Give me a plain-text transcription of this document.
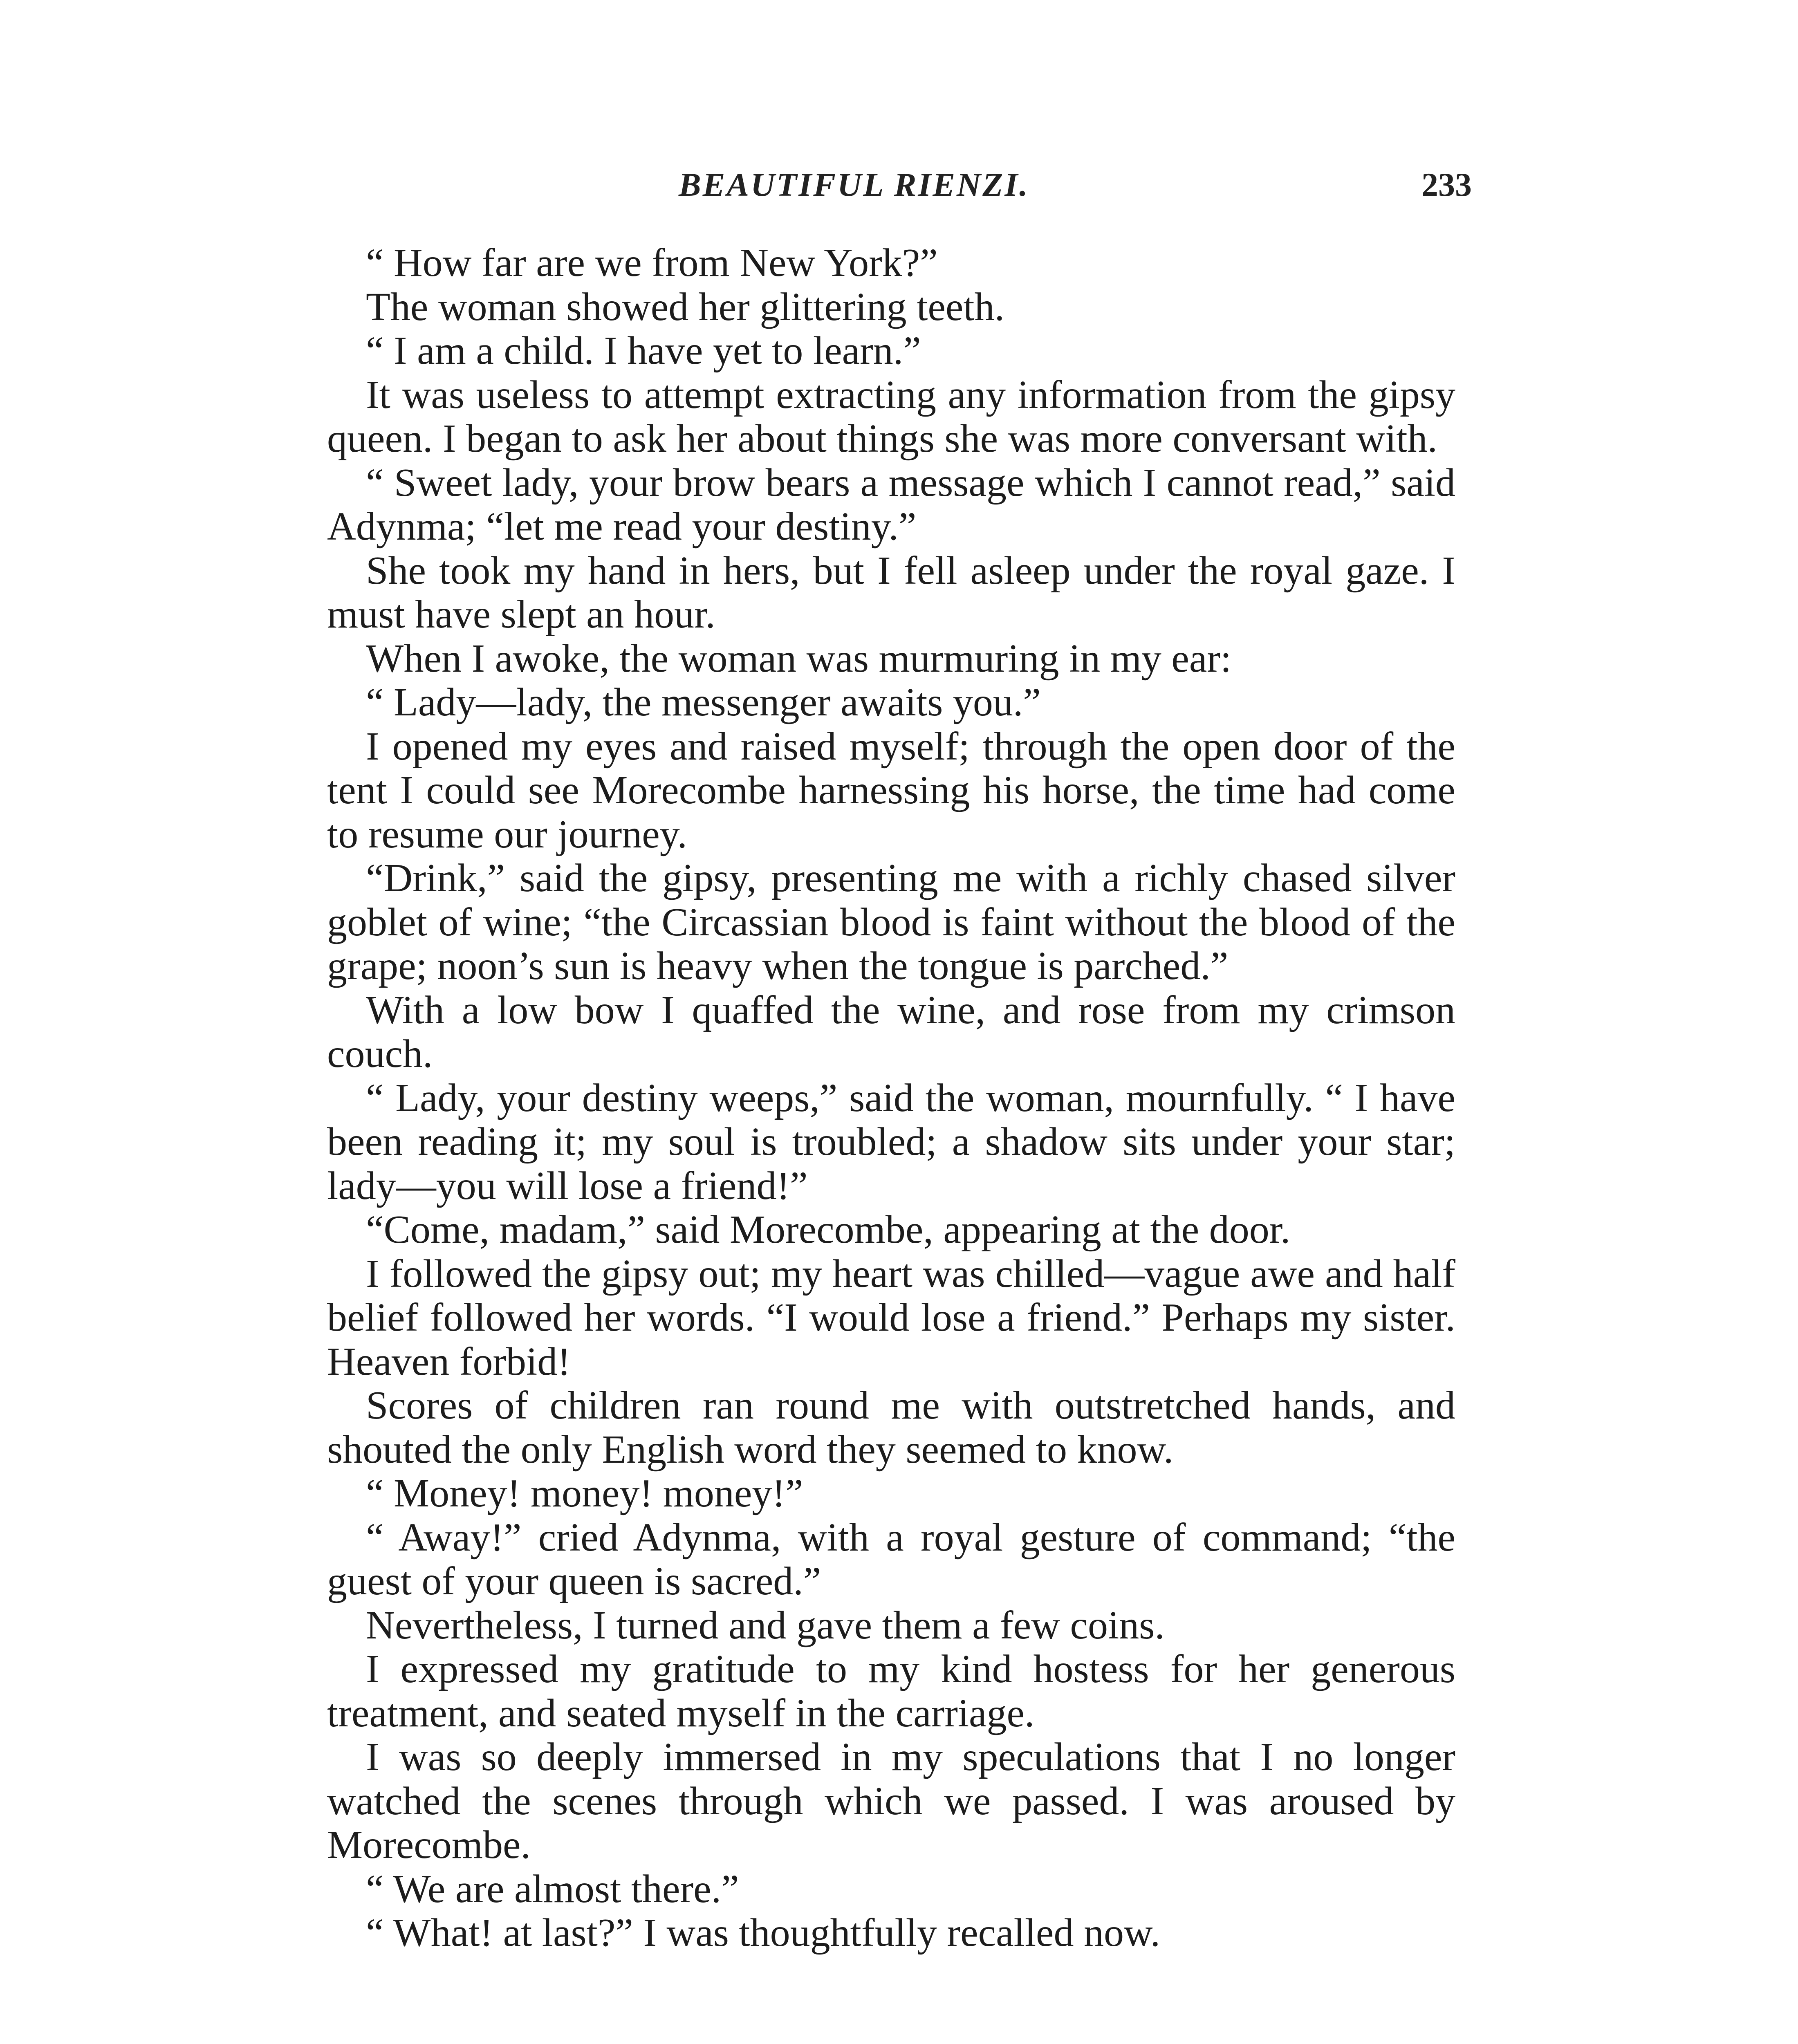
BEAUTIFUL RIENZI.	233

“ How far are we from New York?”

The woman showed her glittering teeth.

“ I am a child. I have yet to learn.”

It was useless to attempt extracting any information from the gipsy queen. I began to ask her about things she was more conversant with.

“ Sweet lady, your brow bears a message which I cannot read,” said Adynma; “let me read your destiny.”

She took my hand in hers, but I fell asleep under the royal gaze. I must have slept an hour.

When I awoke, the woman was murmuring in my ear:

“ Lady—lady, the messenger awaits you.”

I opened my eyes and raised myself; through the open door of the tent I could see Morecombe harnessing his horse, the time had come to resume our journey.

“Drink,” said the gipsy, presenting me with a richly chased silver goblet of wine; “the Circassian blood is faint without the blood of the grape; noon’s sun is heavy when the tongue is parched.”

With a low bow I quaffed the wine, and rose from my crimson couch.

“ Lady, your destiny weeps,” said the woman, mournfully. “ I have been reading it; my soul is troubled; a shadow sits under your star; lady—you will lose a friend!”

“Come, madam,” said Morecombe, appearing at the door.

I followed the gipsy out; my heart was chilled—vague awe and half belief followed her words. “I would lose a friend.” Perhaps my sister. Heaven forbid!

Scores of children ran round me with outstretched hands, and shouted the only English word they seemed to know.

“ Money! money! money!”

“ Away!” cried Adynma, with a royal gesture of command; “the guest of your queen is sacred.”

Nevertheless, I turned and gave them a few coins.

I expressed my gratitude to my kind hostess for her generous treatment, and seated myself in the carriage.

I was so deeply immersed in my speculations that I no longer watched the scenes through which we passed. I was aroused by Morecombe.

“ We are almost there.”

“ What! at last?” I was thoughtfully recalled now.
